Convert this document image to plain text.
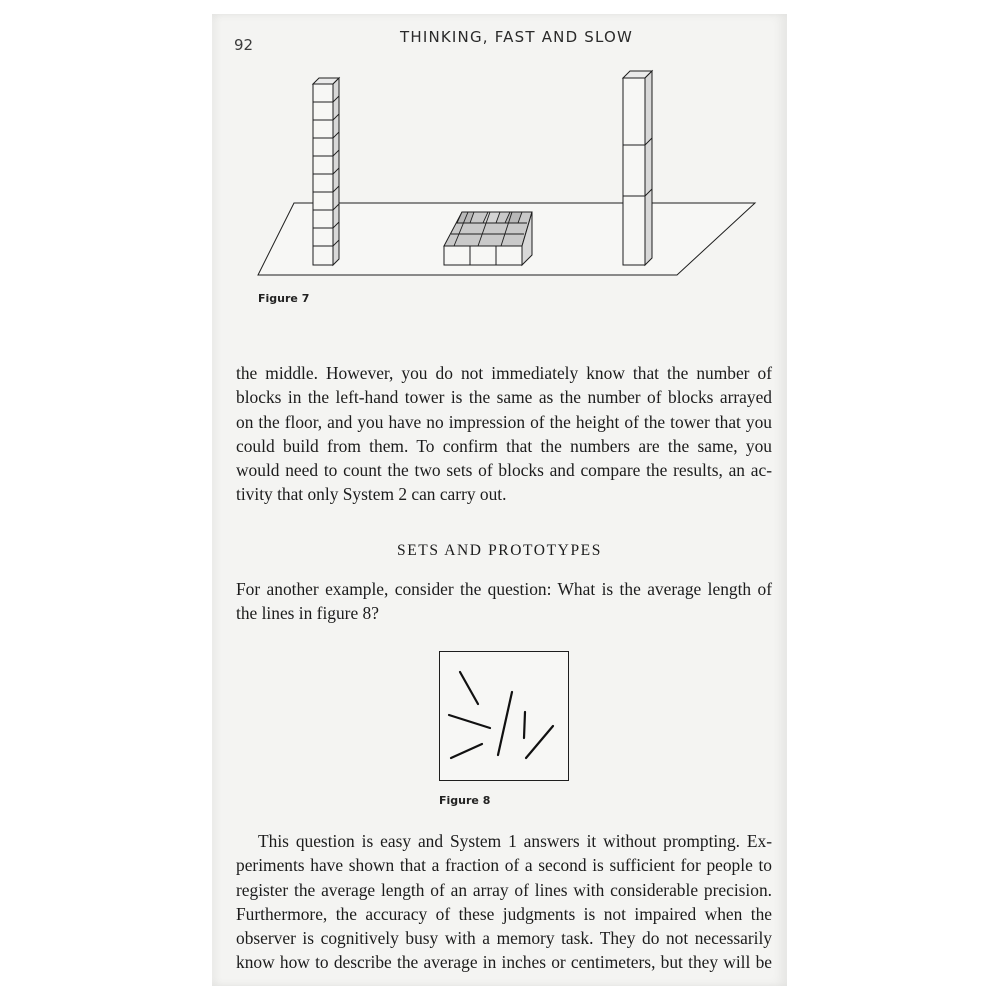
92	THINKING, FAST AND SLOW
Figure 7
the middle. However, you do not immediately know that the number of
blocks in the left-hand tower is the same as the number of blocks arrayed
on the floor, and you have no impression of the height of the tower that you
could build from them. To confirm that the numbers are the same, you
would need to count the two sets of blocks and compare the results, an ac-
tivity that only System 2 can carry out.
SETS AND PROTOTYPES
For another example, consider the question: What is the average length of
the lines in figure 8?
Figure 8
This question is easy and System 1 answers it without prompting. Ex-
periments have shown that a fraction of a second is sufficient for people to
register the average length of an array of lines with considerable precision.
Furthermore, the accuracy of these judgments is not impaired when the
observer is cognitively busy with a memory task. They do not necessarily
know how to describe the average in inches or centimeters, but they will be
